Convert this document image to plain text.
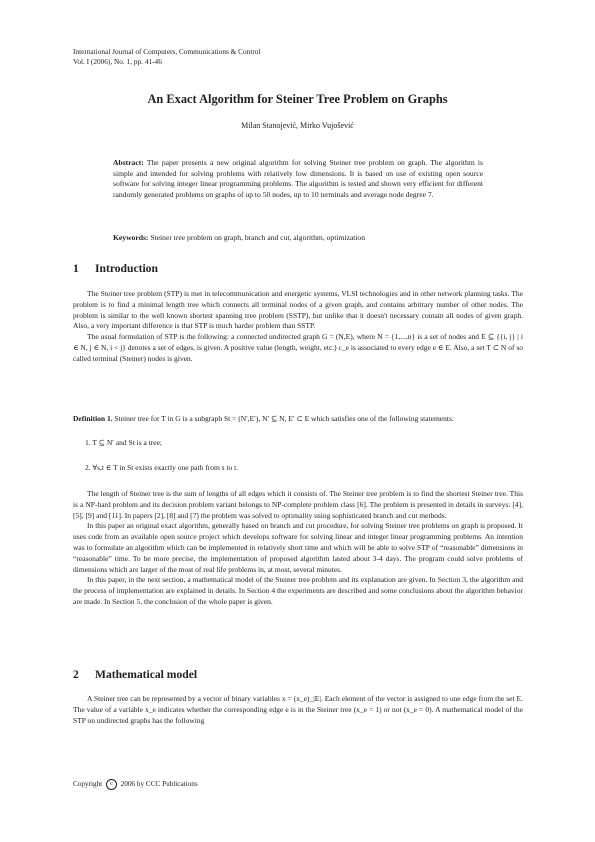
International Journal of Computers, Communications & Control
Vol. I (2006), No. 1, pp. 41-46
An Exact Algorithm for Steiner Tree Problem on Graphs
Milan Stanojević, Mirko Vujošević
Abstract: The paper presents a new original algorithm for solving Steiner tree problem on graph. The algorithm is simple and intended for solving problems with relatively low dimensions. It is based on use of existing open source software for solving integer linear programming problems. The algorithm is tested and shown very efficient for different randomly generated problems on graphs of up to 50 nodes, up to 10 terminals and average node degree 7.
Keywords: Steiner tree problem on graph, branch and cut, algorithm, optimization
1 Introduction

The Steiner tree problem (STP) is met in telecommunication and energetic systems, VLSI technologies and in other network planning tasks. The problem is to find a minimal length tree which connects all terminal nodes of a given graph, and contains arbitrary number of other nodes. The problem is similar to the well known shortest spanning tree problem (SSTP), but unlike that it doesn't necessary contain all nodes of given graph. Also, a very important difference is that STP is much harder problem than SSTP.

The usual formulation of STP is the following: a connected undirected graph G = (N,E), where N = {1,...,n} is a set of nodes and E ⊆ {{i, j} | i ∈ N, j ∈ N, i < j} denotes a set of edges, is given. A positive value (length, weight, etc.) c_e is associated to every edge e ∈ E. Also, a set T ⊂ N of so called terminal (Steiner) nodes is given.

Definition 1. Steiner tree for T in G is a subgraph St = (N′,E′), N′ ⊆ N, E′ ⊂ E which satisfies one of the following statements:
1. T ⊆ N′ and St is a tree;
2. ∀s,t ∈ T in St exists exactly one path from s to t.

The length of Steiner tree is the sum of lengths of all edges which it consists of. The Steiner tree problem is to find the shortest Steiner tree. This is a NP-hard problem and its decision problem variant belongs to NP-complete problem class [6]. The problem is presented in details in surveys: [4], [5], [9] and [11]. In papers [2], [8] and [7] the problem was solved to optimality using sophisticated branch and cut methods.

In this paper an original exact algorithm, generally based on branch and cut procedure, for solving Steiner tree problems on graph is proposed. It uses code from an available open source project which develops software for solving linear and integer linear programming problems. An intention was to formulate an algorithm which can be implemented in relatively short time and which will be able to solve STP of “reasonable” dimensions in “reasonable” time. To be more precise, the implementation of proposed algorithm lasted about 3-4 days. The program could solve problems of dimensions which are larger of the most of real life problems in, at most, several minutes.

In this paper, in the next section, a mathematical model of the Steiner tree problem and its explanation are given. In Section 3, the algorithm and the process of implementation are explained in details. In Section 4 the experiments are described and some conclusions about the algorithm behavior are made. In Section 5, the conclusion of the whole paper is given.

2 Mathematical model

A Steiner tree can be represented by a vector of binary variables x = (x_e)_|E|. Each element of the vector is assigned to one edge from the set E. The value of a variable x_e indicates whether the corresponding edge e is in the Steiner tree (x_e = 1) or not (x_e = 0). A mathematical model of the STP on undirected graphs has the following

Copyright c 2006 by CCC Publications
